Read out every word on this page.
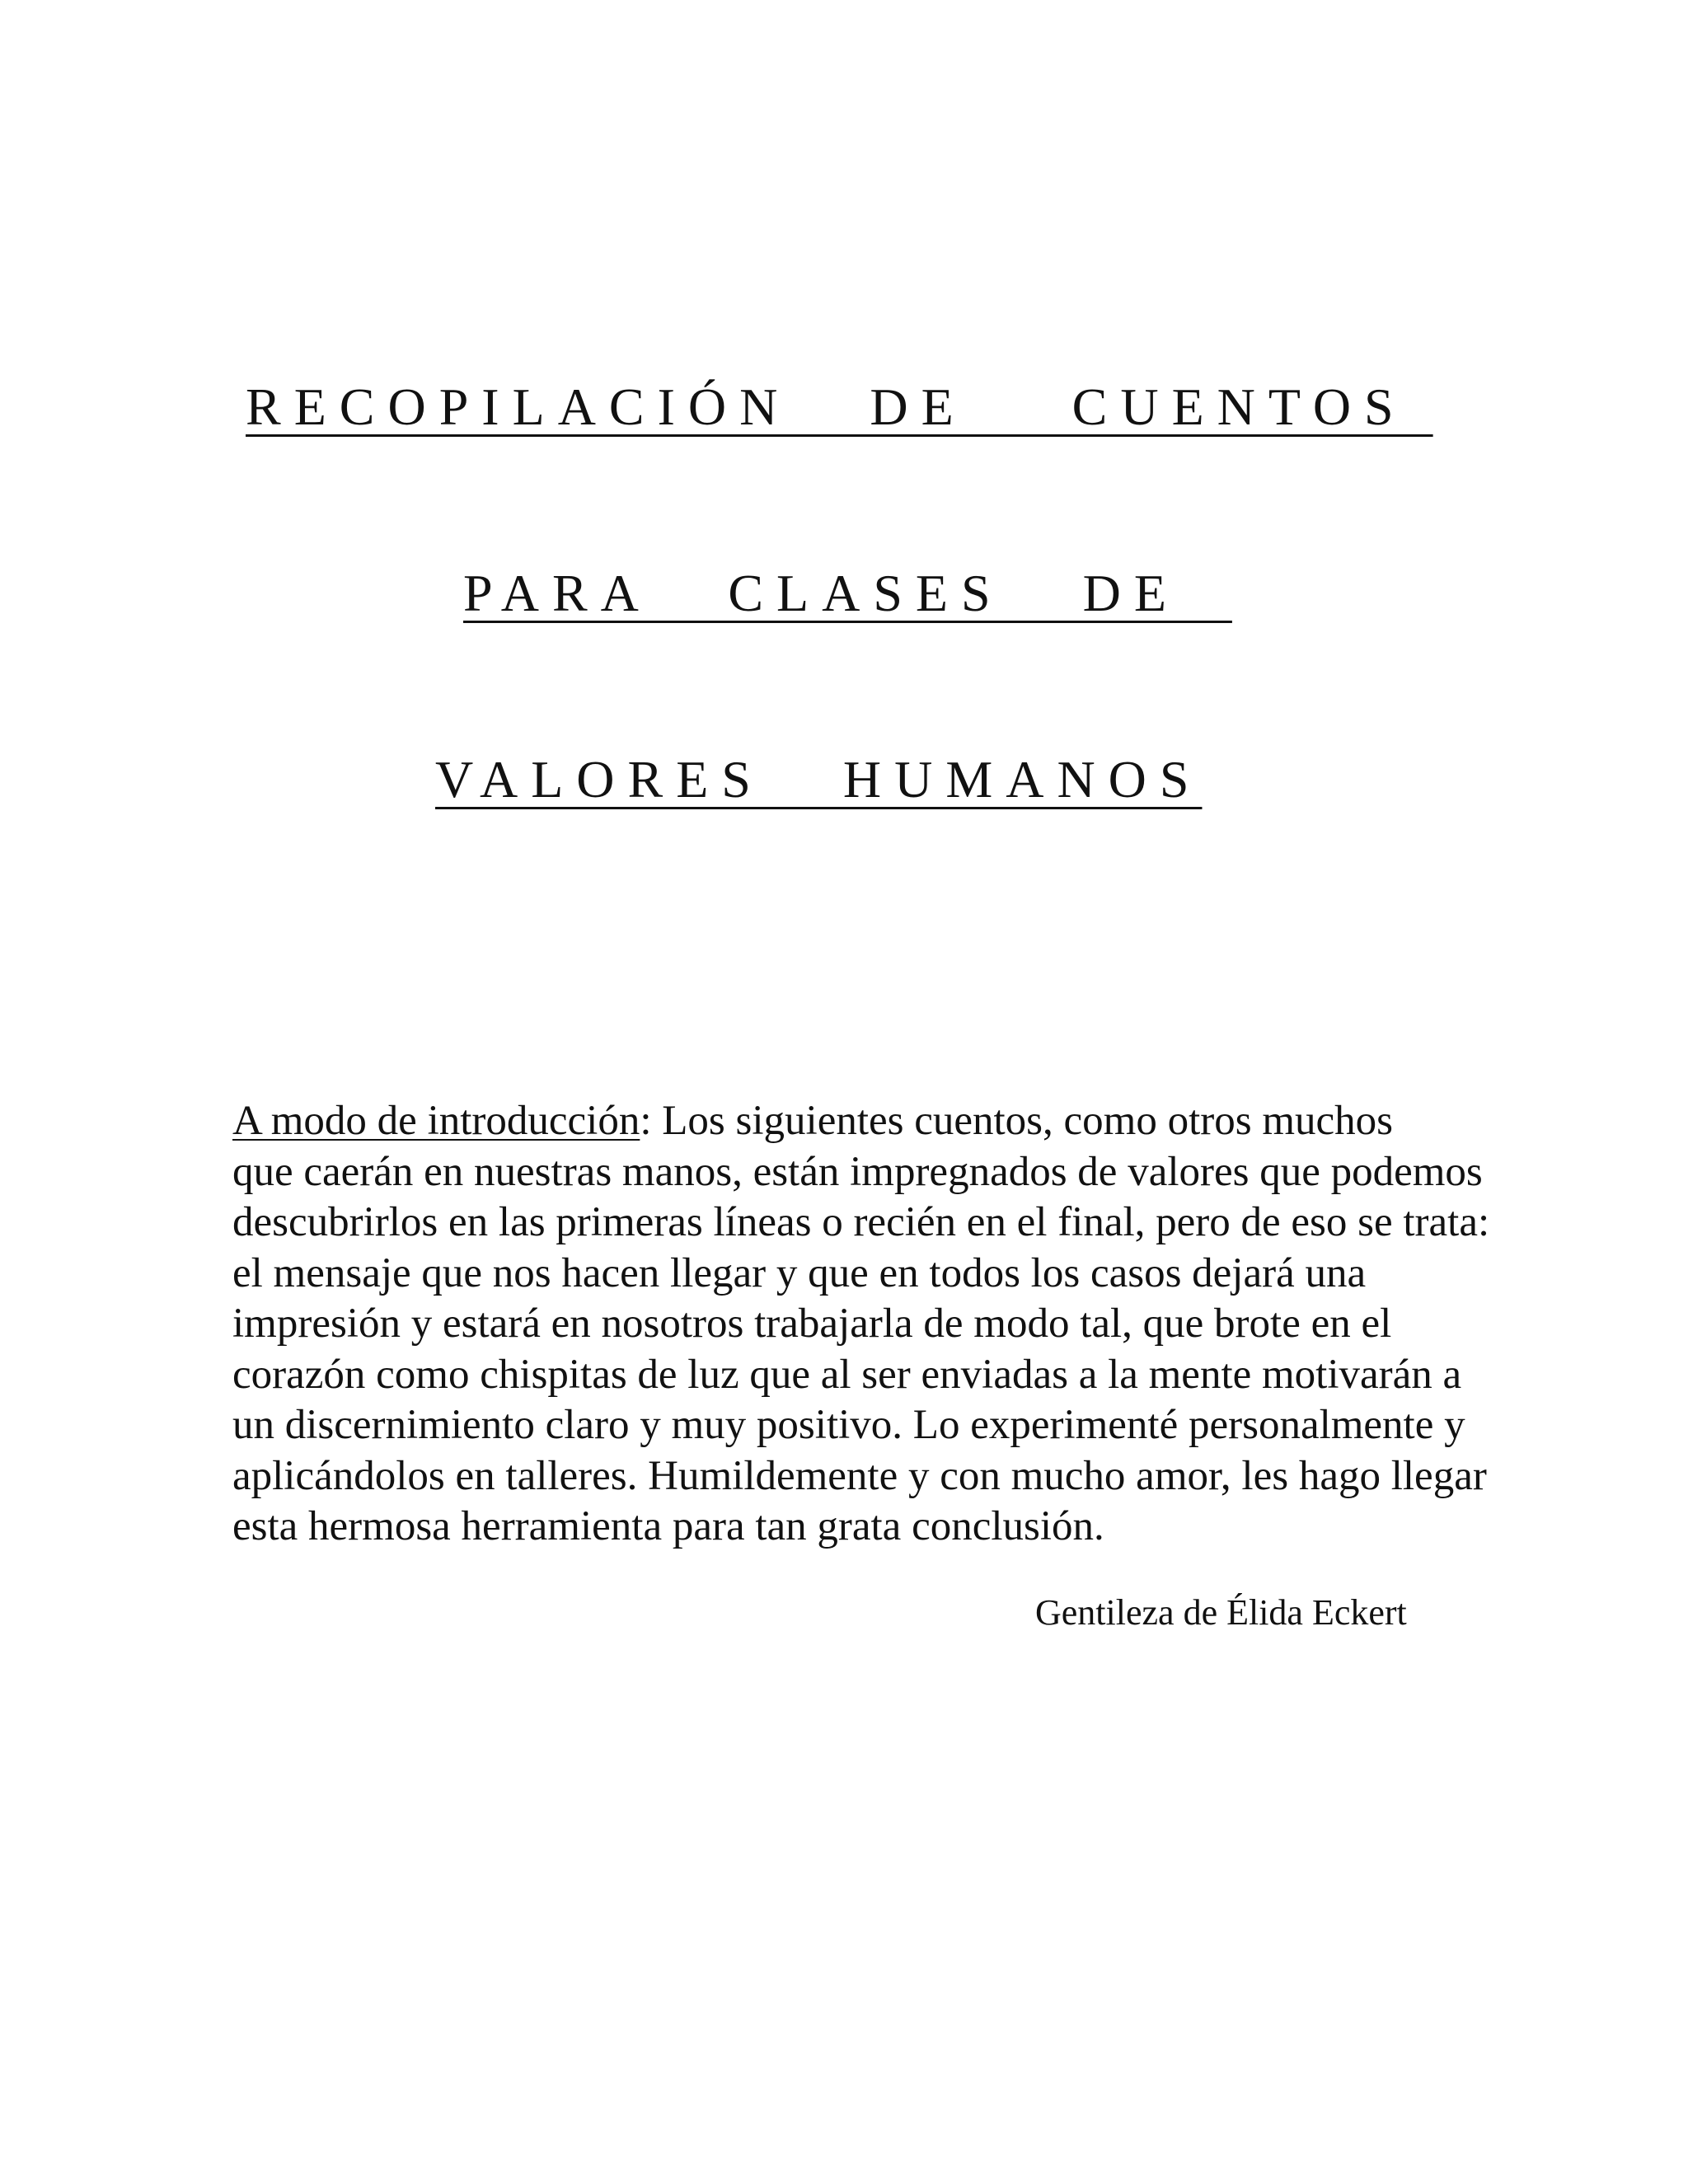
RECOPILACIÓN   DE    CUENTOS
PARA   CLASES   DE
VALORES   HUMANOS

A modo de introducción: Los siguientes cuentos, como otros muchos
que caerán en nuestras manos, están impregnados de valores que podemos
descubrirlos en las primeras líneas o recién en el final, pero de eso se trata:
el mensaje que nos hacen llegar y que en todos los casos dejará una
impresión y estará en nosotros trabajarla de modo tal, que brote en el
corazón como chispitas de luz que al ser enviadas a la mente motivarán a
un discernimiento claro y muy positivo. Lo experimenté personalmente y
aplicándolos en talleres. Humildemente y con mucho amor, les hago llegar
esta hermosa herramienta para tan grata conclusión.

Gentileza de Élida Eckert
